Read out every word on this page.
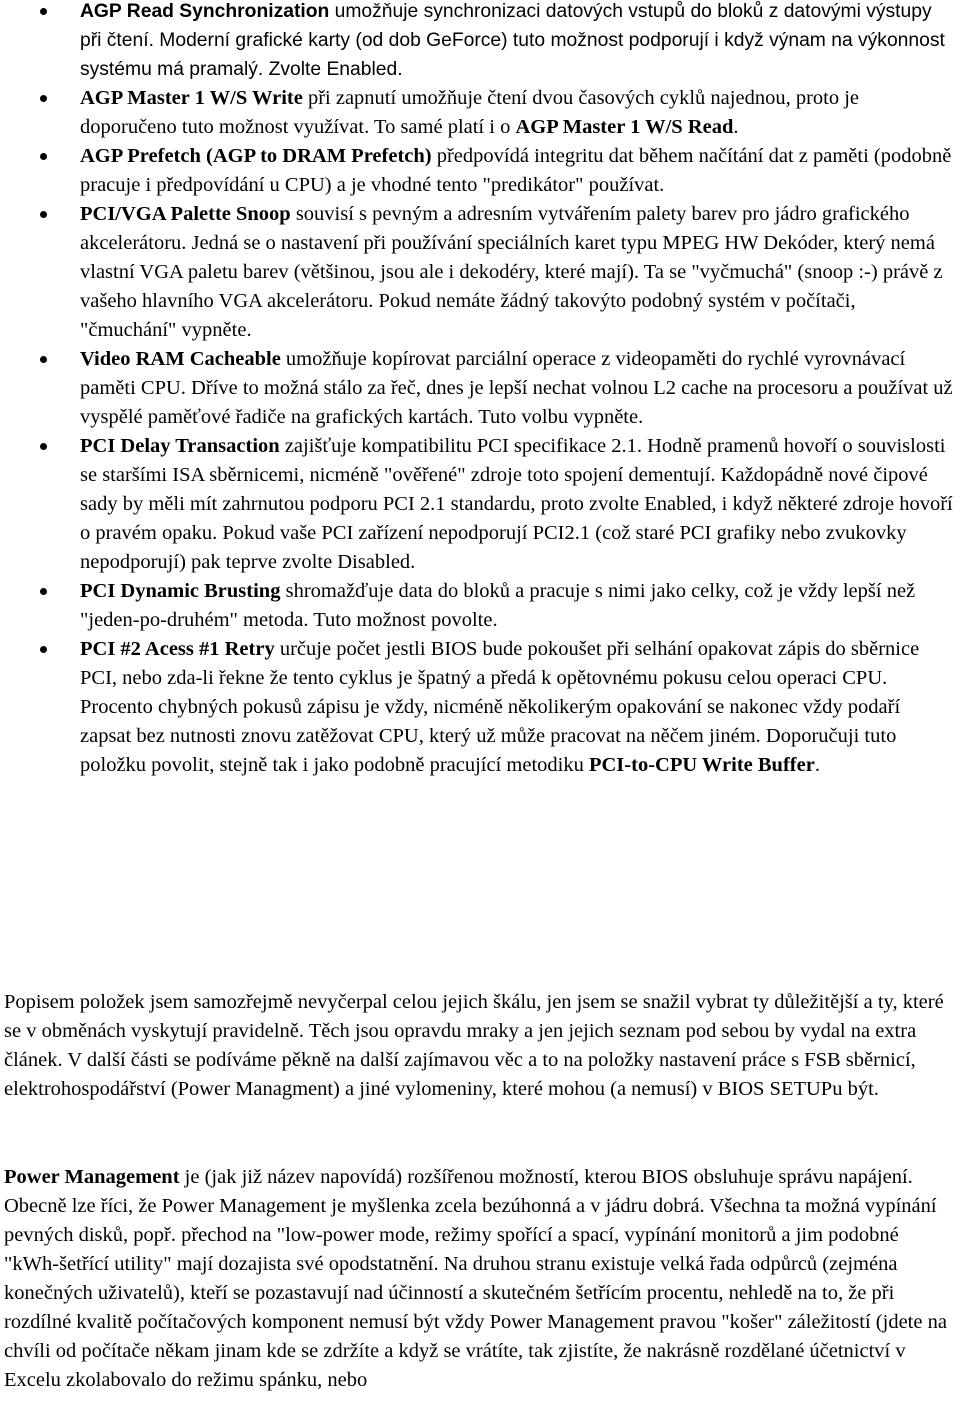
AGP Read Synchronization umožňuje synchronizaci datových vstupů do bloků z datovými výstupy při čtení. Moderní grafické karty (od dob GeForce) tuto možnost podporují i když výnam na výkonnost systému má pramalý. Zvolte Enabled.
AGP Master 1 W/S Write při zapnutí umožňuje čtení dvou časových cyklů najednou, proto je doporučeno tuto možnost využívat. To samé platí i o AGP Master 1 W/S Read.
AGP Prefetch (AGP to DRAM Prefetch) předpovídá integritu dat během načítání dat z paměti (podobně pracuje i předpovídání u CPU) a je vhodné tento "predikátor" používat.
PCI/VGA Palette Snoop souvisí s pevným a adresním vytvářením palety barev pro jádro grafického akcelerátoru. Jedná se o nastavení při používání speciálních karet typu MPEG HW Dekóder, který nemá vlastní VGA paletu barev (většinou, jsou ale i dekodéry, které mají). Ta se "vyčmuchá" (snoop :-) právě z vašeho hlavního VGA akcelerátoru. Pokud nemáte žádný takovýto podobný systém v počítači, "čmuchání" vypněte.
Video RAM Cacheable umožňuje kopírovat parciální operace z videopaměti do rychlé vyrovnávací paměti CPU. Dříve to možná stálo za řeč, dnes je lepší nechat volnou L2 cache na procesoru a používat už vyspělé paměťové řadiče na grafických kartách. Tuto volbu vypněte.
PCI Delay Transaction zajišťuje kompatibilitu PCI specifikace 2.1. Hodně pramenů hovoří o souvislosti se staršími ISA sběrnicemi, nicméně "ověřené" zdroje toto spojení dementují. Každopádně nové čipové sady by měli mít zahrnutou podporu PCI 2.1 standardu, proto zvolte Enabled, i když některé zdroje hovoří o pravém opaku. Pokud vaše PCI zařízení nepodporují PCI2.1 (což staré PCI grafiky nebo zvukovky nepodporují) pak teprve zvolte Disabled.
PCI Dynamic Brusting shromažďuje data do bloků a pracuje s nimi jako celky, což je vždy lepší než "jeden-po-druhém" metoda. Tuto možnost povolte.
PCI #2 Acess #1 Retry určuje počet jestli BIOS bude pokoušet při selhání opakovat zápis do sběrnice PCI, nebo zda-li řekne že tento cyklus je špatný a předá k opětovnému pokusu celou operaci CPU. Procento chybných pokusů zápisu je vždy, nicméně několikerým opakování se nakonec vždy podaří zapsat bez nutnosti znovu zatěžovat CPU, který už může pracovat na něčem jiném. Doporučuji tuto položku povolit, stejně tak i jako podobně pracující metodiku PCI-to-CPU Write Buffer.

Popisem položek jsem samozřejmě nevyčerpal celou jejich škálu, jen jsem se snažil vybrat ty důležitější a ty, které se v obměnách vyskytují pravidelně. Těch jsou opravdu mraky a jen jejich seznam pod sebou by vydal na extra článek. V další části se podíváme pěkně na další zajímavou věc a to na položky nastavení práce s FSB sběrnicí, elektrohospodářství (Power Managment) a jiné vylomeniny, které mohou (a nemusí) v BIOS SETUPu být.

Power Management je (jak již název napovídá) rozšířenou možností, kterou BIOS obsluhuje správu napájení. Obecně lze říci, že Power Management je myšlenka zcela bezúhonná a v jádru dobrá. Všechna ta možná vypínání pevných disků, popř. přechod na "low-power mode, režimy spořící a spací, vypínání monitorů a jim podobné "kWh-šetřící utility" mají dozajista své opodstatnění. Na druhou stranu existuje velká řada odpůrců (zejména konečných uživatelů), kteří se pozastavují nad účinností a skutečném šetřícím procentu, nehledě na to, že při rozdílné kvalitě počítačových komponent nemusí být vždy Power Management pravou "košer" záležitostí (jdete na chvíli od počítače někam jinam kde se zdržíte a když se vrátíte, tak zjistíte, že nakrásně rozdělané účetnictví v Excelu zkolabovalo do režimu spánku, nebo
